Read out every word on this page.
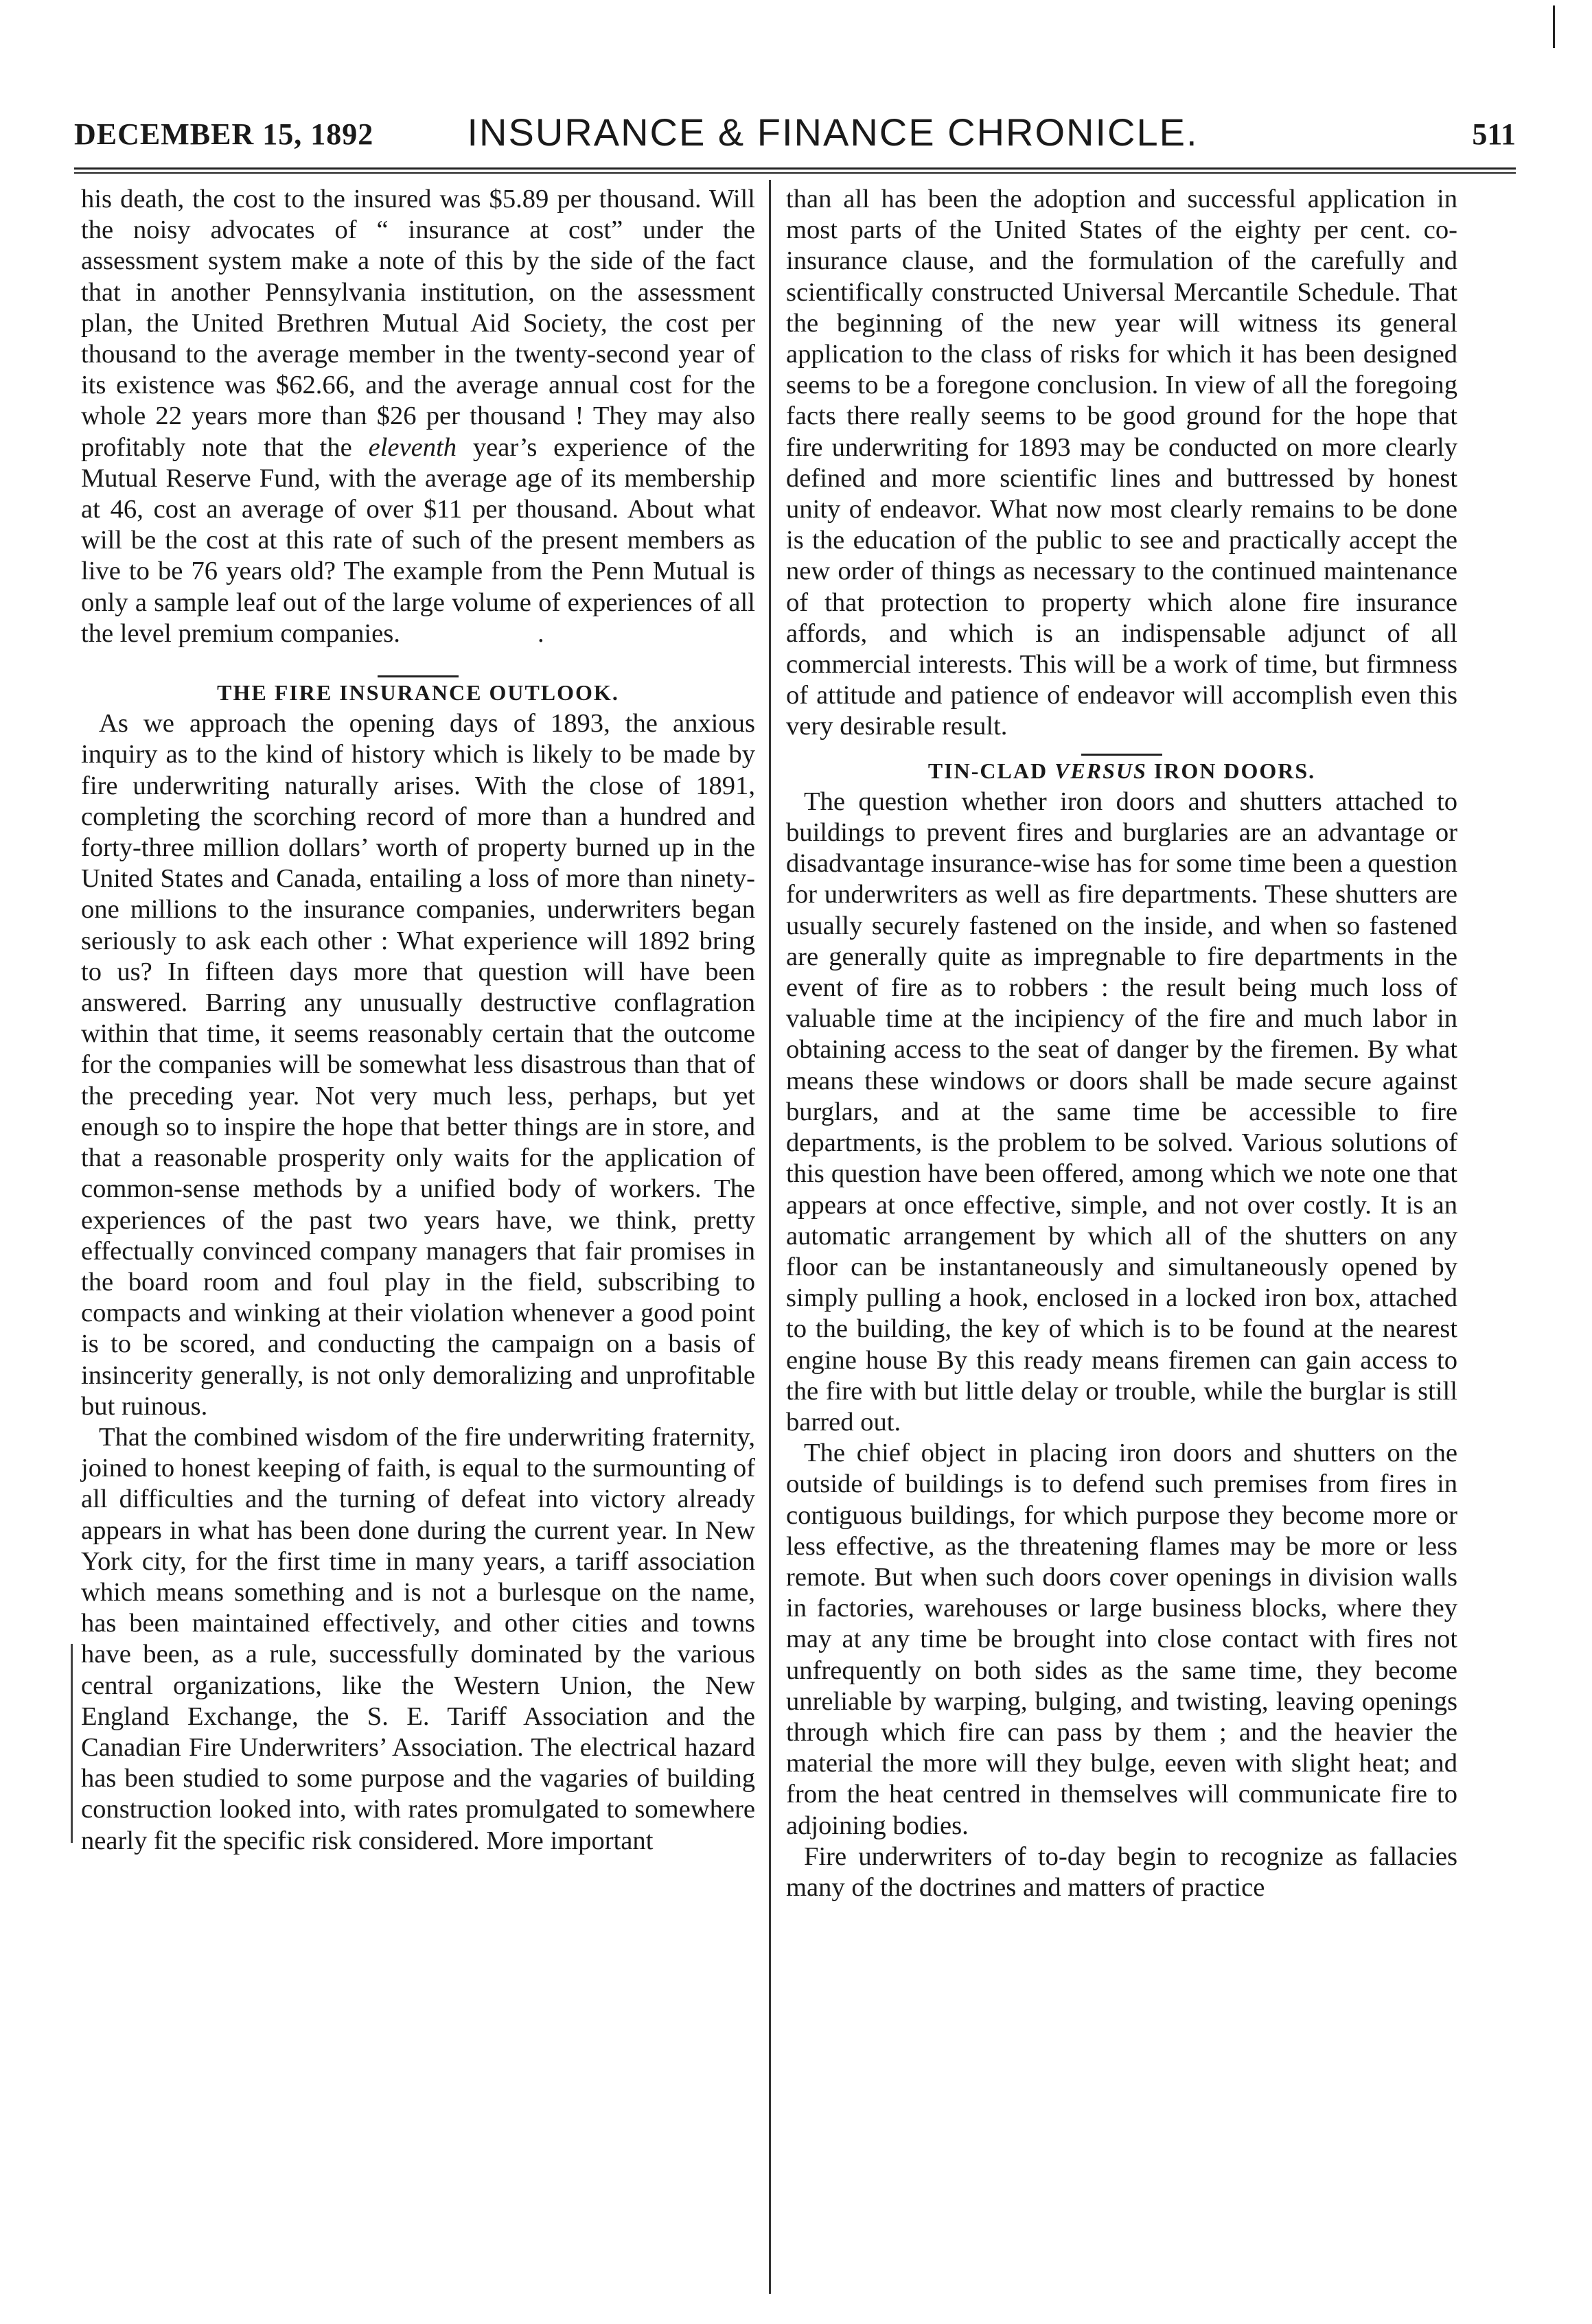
DECEMBER 15, 1892	INSURANCE & FINANCE CHRONICLE.	511

his death, the cost to the insured was $5.89 per thousand. Will the noisy advocates of “ insurance at cost” under the assessment system make a note of this by the side of the fact that in another Pennsylvania institution, on the assessment plan, the United Brethren Mutual Aid Society, the cost per thousand to the average member in the twenty-second year of its existence was $62.66, and the average annual cost for the whole 22 years more than $26 per thousand ! They may also profitably note that the eleventh year’s experience of the Mutual Reserve Fund, with the average age of its membership at 46, cost an average of over $11 per thousand. About what will be the cost at this rate of such of the present members as live to be 76 years old? The example from the Penn Mutual is only a sample leaf out of the large volume of experiences of all the level premium companies.	.

THE FIRE INSURANCE OUTLOOK.

As we approach the opening days of 1893, the anxious inquiry as to the kind of history which is likely to be made by fire underwriting naturally arises. With the close of 1891, completing the scorching record of more than a hundred and forty-three million dollars’ worth of property burned up in the United States and Canada, entailing a loss of more than ninety-one millions to the insurance companies, underwriters began seriously to ask each other : What experience will 1892 bring to us? In fifteen days more that question will have been answered. Barring any unusually destructive conflagration within that time, it seems reasonably certain that the outcome for the companies will be somewhat less disastrous than that of the preceding year. Not very much less, perhaps, but yet enough so to inspire the hope that better things are in store, and that a reasonable prosperity only waits for the application of common-sense methods by a unified body of workers. The experiences of the past two years have, we think, pretty effectually convinced company managers that fair promises in the board room and foul play in the field, subscribing to compacts and winking at their violation whenever a good point is to be scored, and conducting the campaign on a basis of insincerity generally, is not only demoralizing and unprofitable but ruinous.

That the combined wisdom of the fire underwriting fraternity, joined to honest keeping of faith, is equal to the surmounting of all difficulties and the turning of defeat into victory already appears in what has been done during the current year. In New York city, for the first time in many years, a tariff association which means something and is not a burlesque on the name, has been maintained effectively, and other cities and towns have been, as a rule, successfully dominated by the various central organizations, like the Western Union, the New England Exchange, the S. E. Tariff Association and the Canadian Fire Underwriters’ Association. The electrical hazard has been studied to some purpose and the vagaries of building construction looked into, with rates promulgated to somewhere nearly fit the specific risk considered. More important

than all has been the adoption and successful application in most parts of the United States of the eighty per cent. co-insurance clause, and the formulation of the carefully and scientifically constructed Universal Mercantile Schedule. That the beginning of the new year will witness its general application to the class of risks for which it has been designed seems to be a foregone conclusion. In view of all the foregoing facts there really seems to be good ground for the hope that fire underwriting for 1893 may be conducted on more clearly defined and more scientific lines and buttressed by honest unity of endeavor. What now most clearly remains to be done is the education of the public to see and practically accept the new order of things as necessary to the continued maintenance of that protection to property which alone fire insurance affords, and which is an indispensable adjunct of all commercial interests. This will be a work of time, but firmness of attitude and patience of endeavor will accomplish even this very desirable result.

TIN-CLAD VERSUS IRON DOORS.

The question whether iron doors and shutters attached to buildings to prevent fires and burglaries are an advantage or disadvantage insurance-wise has for some time been a question for underwriters as well as fire departments. These shutters are usually securely fastened on the inside, and when so fastened are generally quite as impregnable to fire departments in the event of fire as to robbers : the result being much loss of valuable time at the incipiency of the fire and much labor in obtaining access to the seat of danger by the firemen. By what means these windows or doors shall be made secure against burglars, and at the same time be accessible to fire departments, is the problem to be solved. Various solutions of this question have been offered, among which we note one that appears at once effective, simple, and not over costly. It is an automatic arrangement by which all of the shutters on any floor can be instantaneously and simultaneously opened by simply pulling a hook, enclosed in a locked iron box, attached to the building, the key of which is to be found at the nearest engine house By this ready means firemen can gain access to the fire with but little delay or trouble, while the burglar is still barred out.

The chief object in placing iron doors and shutters on the outside of buildings is to defend such premises from fires in contiguous buildings, for which purpose they become more or less effective, as the threatening flames may be more or less remote. But when such doors cover openings in division walls in factories, warehouses or large business blocks, where they may at any time be brought into close contact with fires not unfrequently on both sides as the same time, they become unreliable by warping, bulging, and twisting, leaving openings through which fire can pass by them ; and the heavier the material the more will they bulge, eeven with slight heat; and from the heat centred in themselves will communicate fire to adjoining bodies.

Fire underwriters of to-day begin to recognize as fallacies many of the doctrines and matters of practice
